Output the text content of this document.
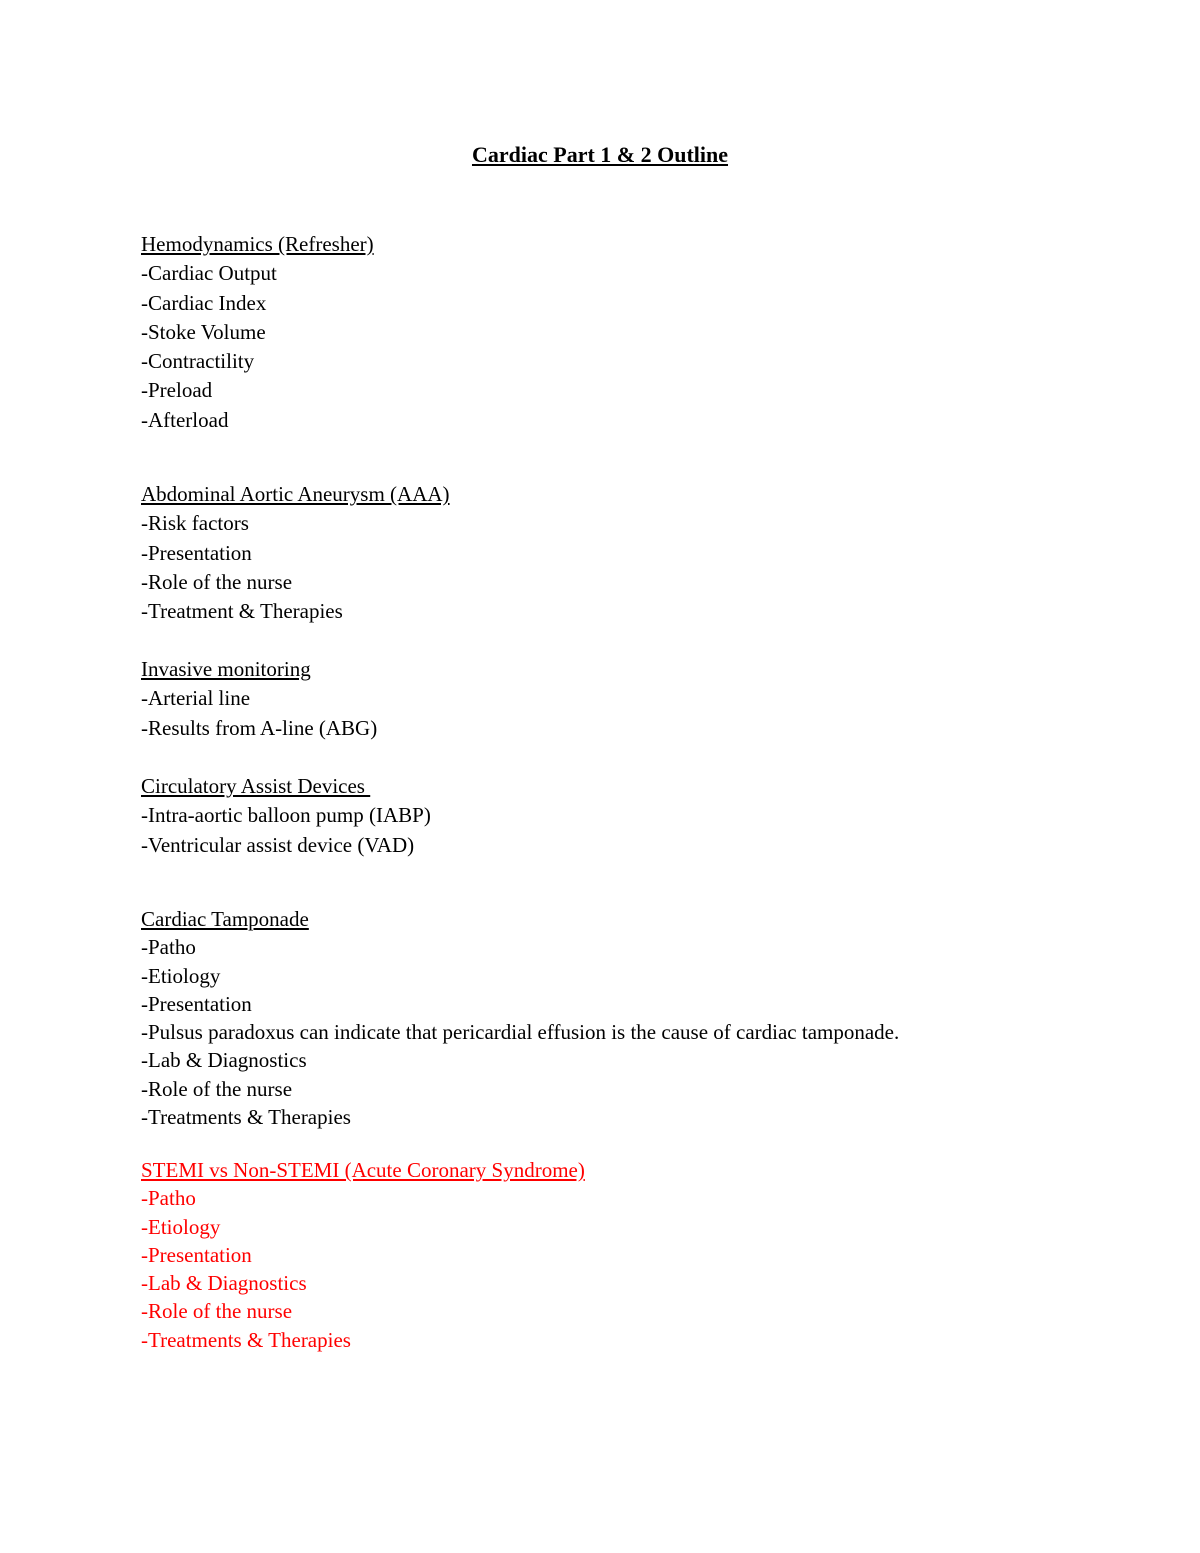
Cardiac Part 1 & 2 Outline
Hemodynamics (Refresher)
-Cardiac Output
-Cardiac Index
-Stoke Volume
-Contractility
-Preload
-Afterload
Abdominal Aortic Aneurysm (AAA)
-Risk factors
-Presentation
-Role of the nurse
-Treatment & Therapies
Invasive monitoring
-Arterial line
-Results from A-line (ABG)
Circulatory Assist Devices
-Intra-aortic balloon pump (IABP)
-Ventricular assist device (VAD)
Cardiac Tamponade
-Patho
-Etiology
-Presentation
-Pulsus paradoxus can indicate that pericardial effusion is the cause of cardiac tamponade.
-Lab & Diagnostics
-Role of the nurse
-Treatments & Therapies
STEMI vs Non-STEMI (Acute Coronary Syndrome)
-Patho
-Etiology
-Presentation
-Lab & Diagnostics
-Role of the nurse
-Treatments & Therapies
